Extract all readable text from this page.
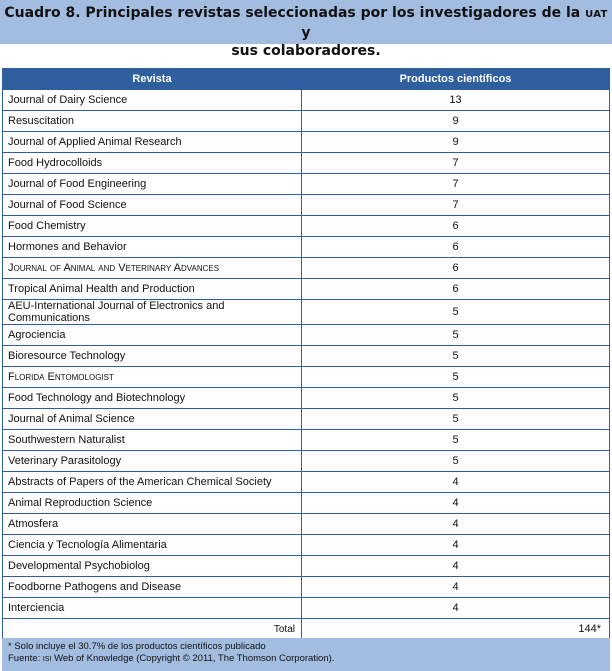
Cuadro 8. Principales revistas seleccionadas por los investigadores de la UAT y
sus colaboradores.
Revista	Productos científicos
Journal of Dairy Science	13
Resuscitation	9
Journal of Applied Animal Research	9
Food Hydrocolloids	7
Journal of Food Engineering	7
Journal of Food Science	7
Food Chemistry	6
Hormones and Behavior	6
Journal of Animal and Veterinary Advances	6
Tropical Animal Health and Production	6
AEU-International Journal of Electronics and Communications	5
Agrociencia	5
Bioresource Technology	5
Florida Entomologist	5
Food Technology and Biotechnology	5
Journal of Animal Science	5
Southwestern Naturalist	5
Veterinary Parasitology	5
Abstracts of Papers of the American Chemical Society	4
Animal Reproduction Science	4
Atmosfera	4
Ciencia y Tecnología Alimentaria	4
Developmental Psychobiolog	4
Foodborne Pathogens and Disease	4
Interciencia	4
Total	144*
* Solo incluye el 30.7% de los productos científicos publicado
Fuente: ISI Web of Knowledge (Copyright © 2011, The Thomson Corporation).
